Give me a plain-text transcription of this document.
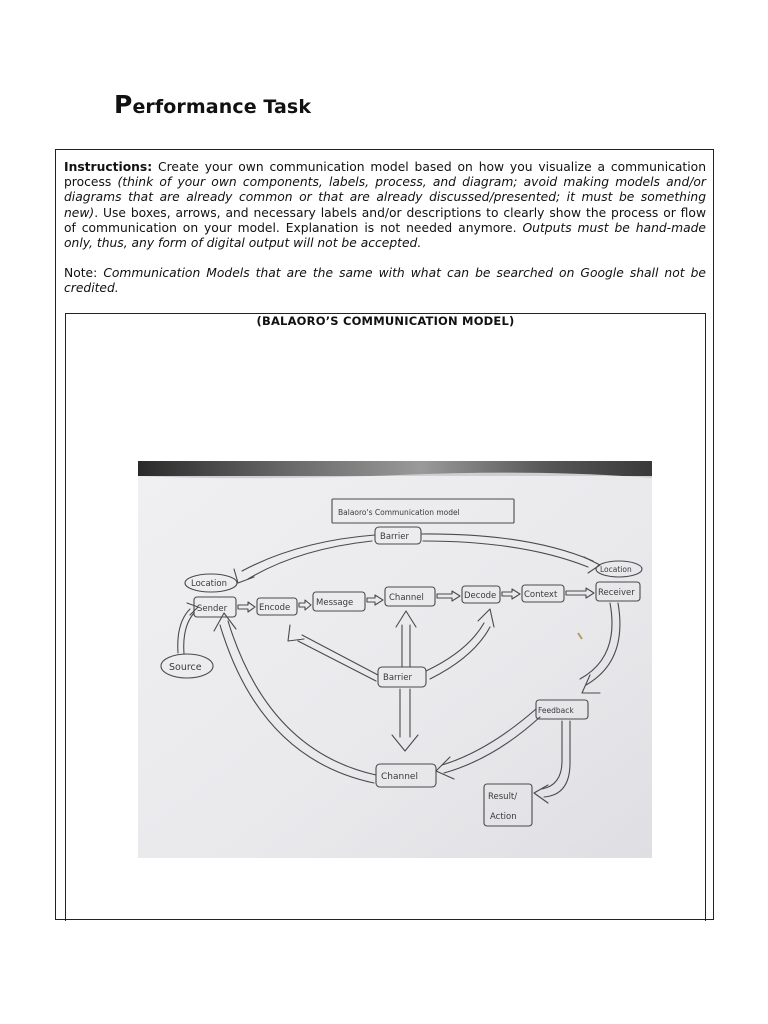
Performance Task
Instructions: Create your own communication model based on how you visualize a communication process (think of your own components, labels, process, and diagram; avoid making models and/or diagrams that are already common or that are already discussed/presented; it must be something new). Use boxes, arrows, and necessary labels and/or descriptions to clearly show the process or flow of communication on your model. Explanation is not needed anymore. Outputs must be hand-made only, thus, any form of digital output will not be accepted.
Note: Communication Models that are the same with what can be searched on Google shall not be credited.
(BALAORO’S COMMUNICATION MODEL)
Balaoro's Communication model
Barrier
Location
Location
Sender	Encode	Message	Channel	Decode	Context	Receiver
Source
Barrier
Feedback
Channel
Result/
Action
